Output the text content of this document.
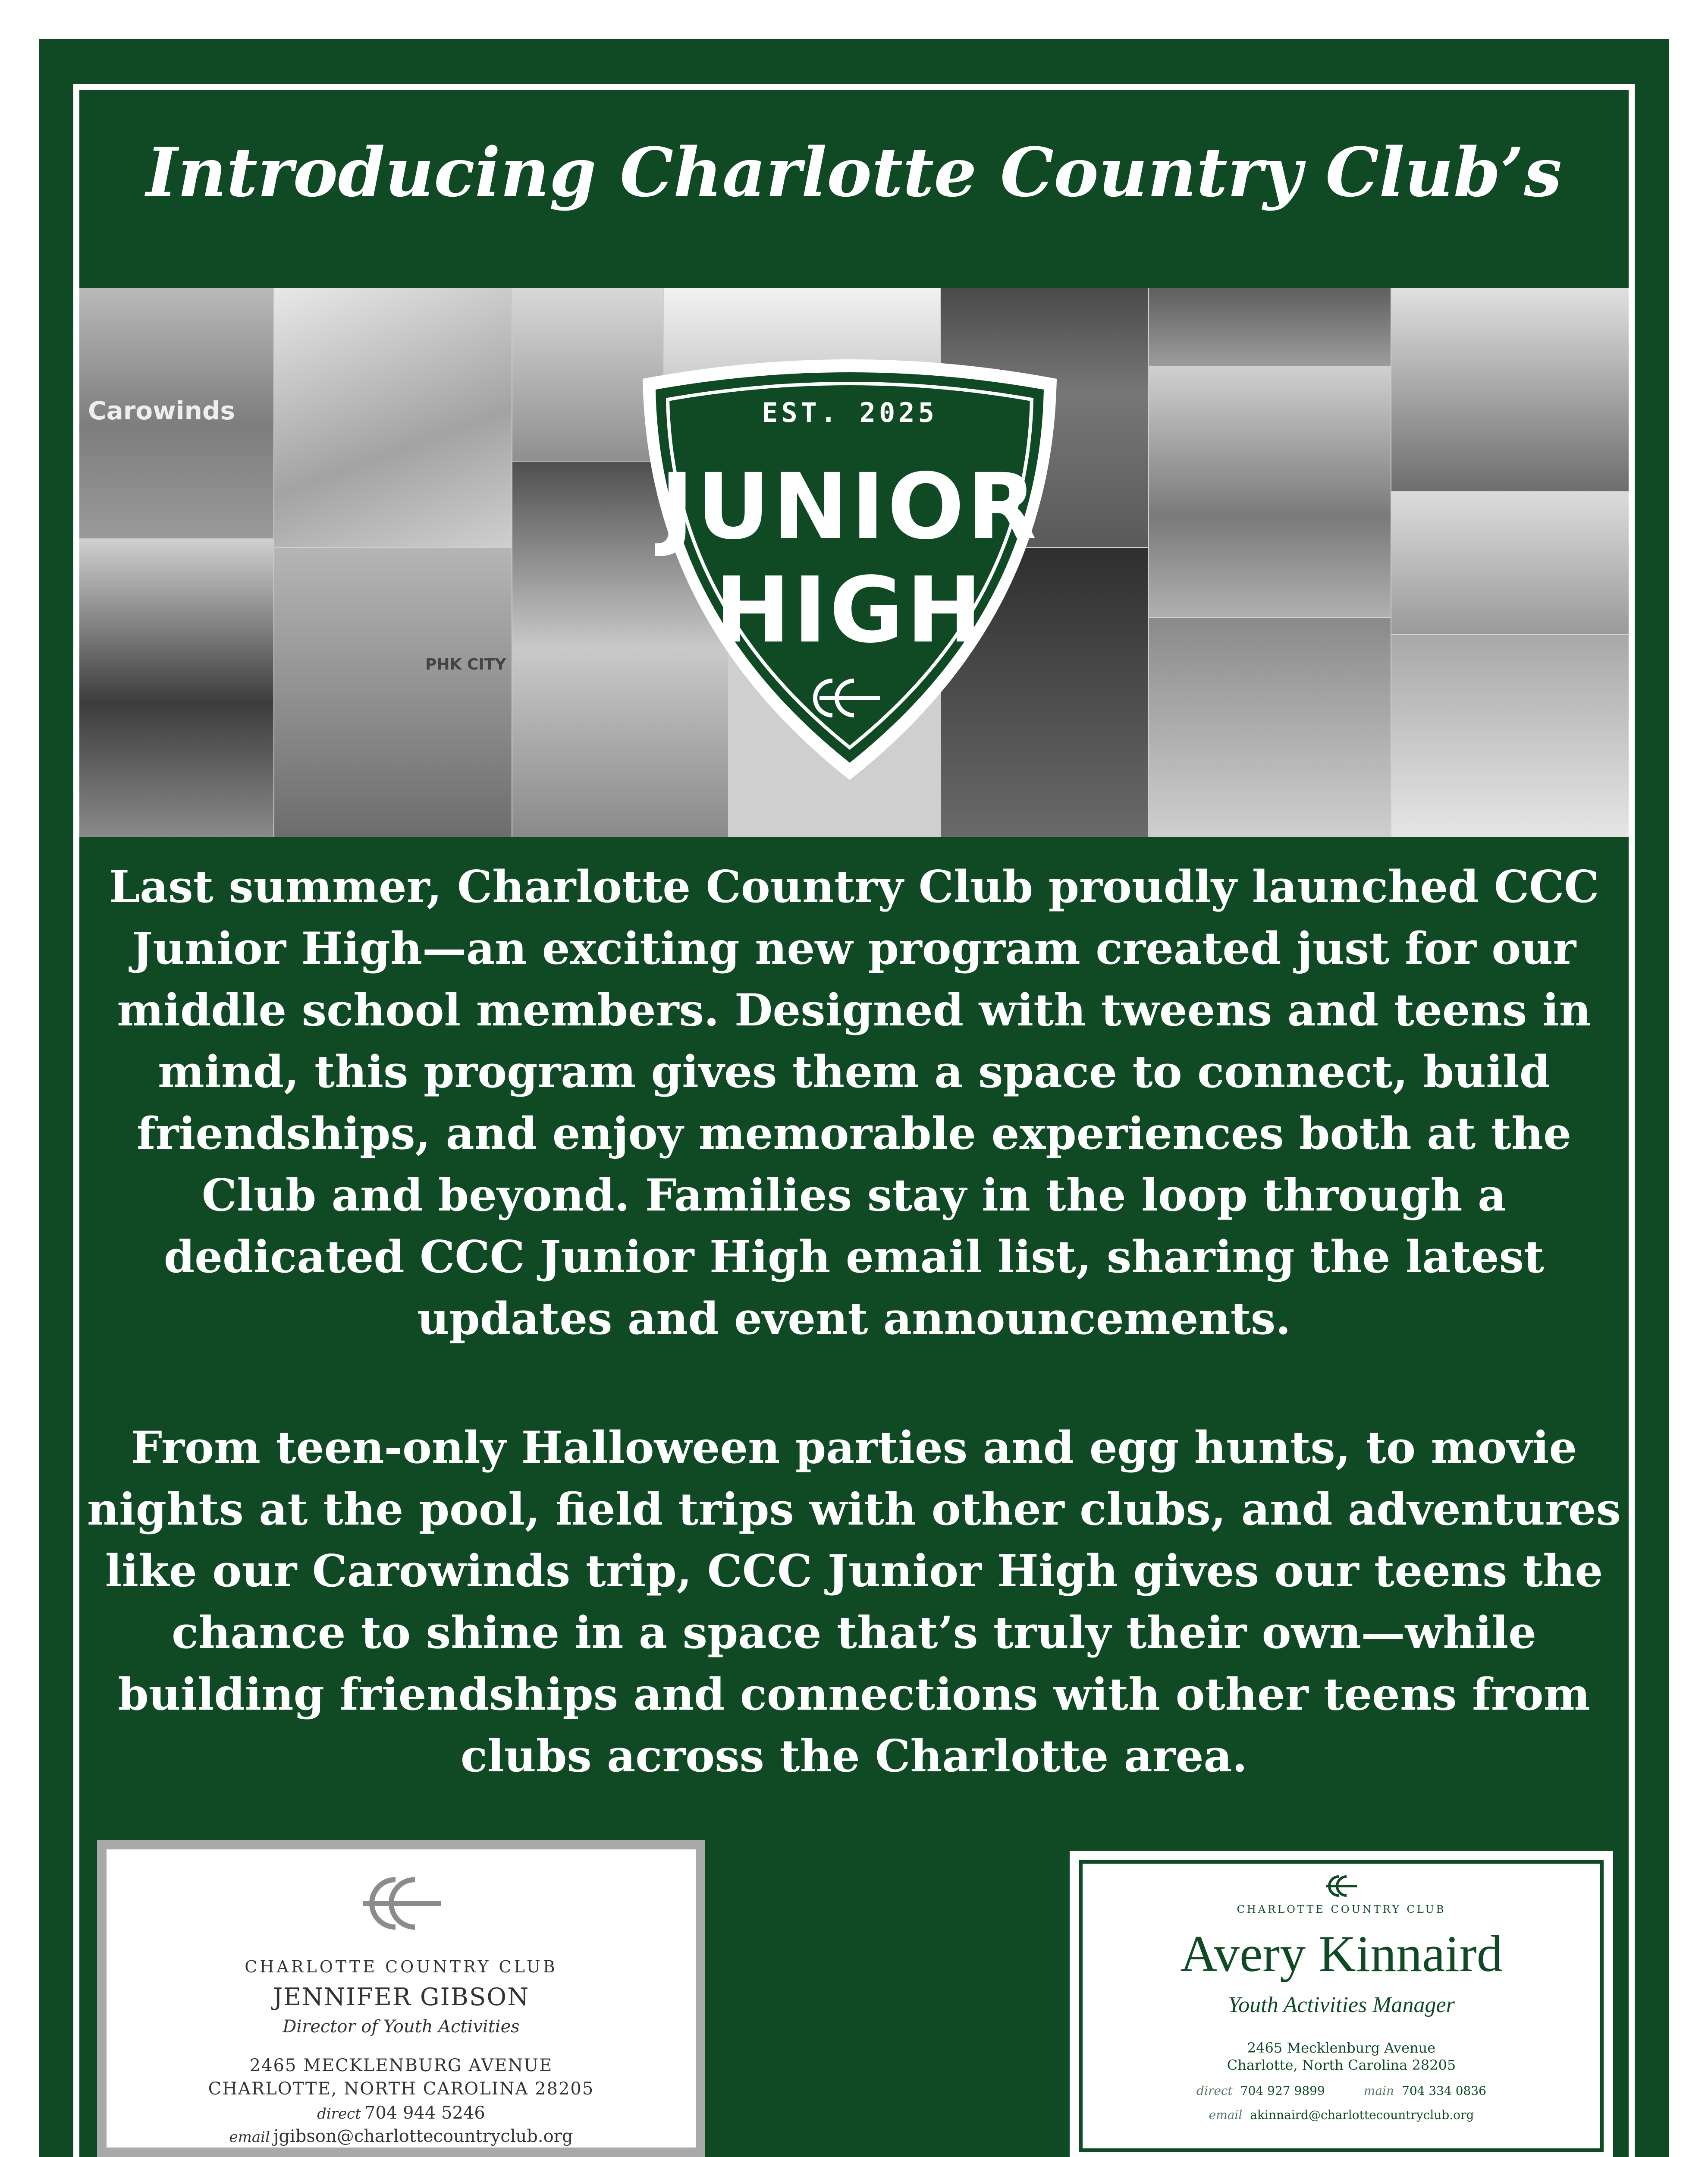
Introducing Charlotte Country Club’s
Carowinds
PHK CITY
EST. 2025
JUNIOR
HIGH
Last summer, Charlotte Country Club proudly launched CCC Junior High—an exciting new program created just for our middle school members. Designed with tweens and teens in mind, this program gives them a space to connect, build friendships, and enjoy memorable experiences both at the Club and beyond. Families stay in the loop through a dedicated CCC Junior High email list, sharing the latest updates and event announcements.
From teen-only Halloween parties and egg hunts, to movie nights at the pool, field trips with other clubs, and adventures like our Carowinds trip, CCC Junior High gives our teens the chance to shine in a space that’s truly their own—while building friendships and connections with other teens from clubs across the Charlotte area.
CHARLOTTE COUNTRY CLUB
JENNIFER GIBSON
Director of Youth Activities
2465 MECKLENBURG AVENUE
CHARLOTTE, NORTH CAROLINA 28205
direct 704 944 5246
email jgibson@charlottecountryclub.org
CHARLOTTE COUNTRY CLUB
Avery Kinnaird
Youth Activities Manager
2465 Mecklenburg Avenue
Charlotte, North Carolina 28205
direct 704 927 9899	main 704 334 0836
email akinnaird@charlottecountryclub.org
